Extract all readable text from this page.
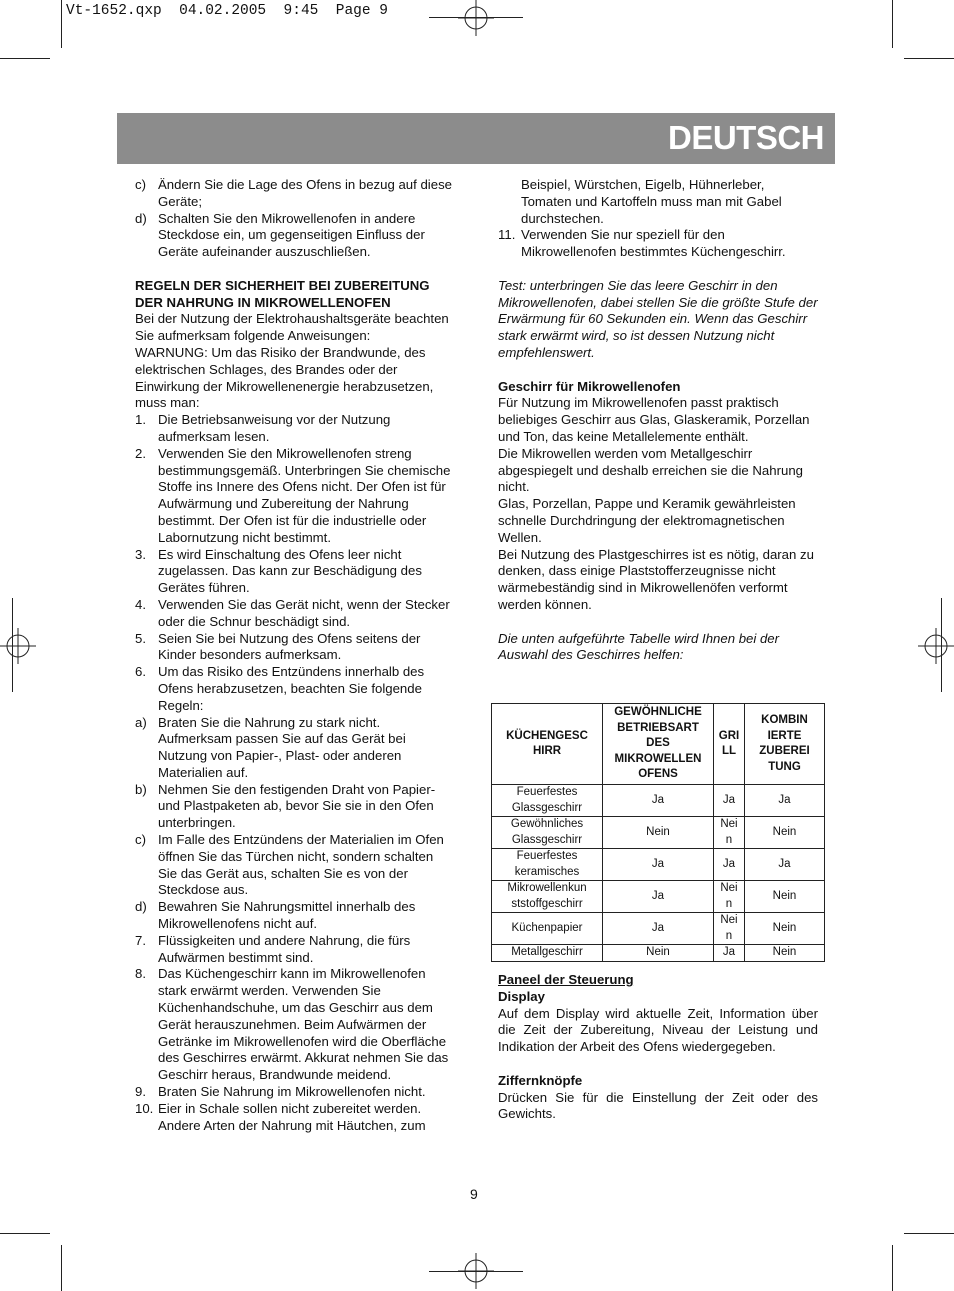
Vt-1652.qxp  04.02.2005  9:45  Page 9
DEUTSCH

c) Ändern Sie die Lage des Ofens in bezug auf diese Geräte;

d) Schalten Sie den Mikrowellenofen in andere Steckdose ein, um gegenseitigen Einfluss der Geräte aufeinander auszuschließen.

REGELN DER SICHERHEIT BEI ZUBEREITUNG DER NAHRUNG IN MIKROWELLENOFEN

Bei der Nutzung der Elektrohaushaltsgeräte beachten Sie aufmerksam folgende Anweisungen:

WARNUNG: Um das Risiko der Brandwunde, des elektrischen Schlages, des Brandes oder der Einwirkung der Mikrowellenenergie herabzusetzen, muss man:

1. Die Betriebsanweisung vor der Nutzung aufmerksam lesen.

2. Verwenden Sie den Mikrowellenofen streng bestimmungsgemäß. Unterbringen Sie chemische Stoffe ins Innere des Ofens nicht. Der Ofen ist für Aufwärmung und Zubereitung der Nahrung bestimmt. Der Ofen ist für die industrielle oder Labornutzung nicht bestimmt.

3. Es wird Einschaltung des Ofens leer nicht zugelassen. Das kann zur Beschädigung des Gerätes führen.

4. Verwenden Sie das Gerät nicht, wenn der Stecker oder die Schnur beschädigt sind.

5. Seien Sie bei Nutzung des Ofens seitens der Kinder besonders aufmerksam.

6. Um das Risiko des Entzündens innerhalb des Ofens herabzusetzen, beachten Sie folgende Regeln:

a) Braten Sie die Nahrung zu stark nicht. Aufmerksam passen Sie auf das Gerät bei Nutzung von Papier-, Plast- oder anderen Materialien auf.

b) Nehmen Sie den festigenden Draht von Papier- und Plastpaketen ab, bevor Sie sie in den Ofen unterbringen.

c) Im Falle des Entzündens der Materialien im Ofen öffnen Sie das Türchen nicht, sondern schalten Sie das Gerät aus, schalten Sie es von der Steckdose aus.

d) Bewahren Sie Nahrungsmittel innerhalb des Mikrowellenofens nicht auf.

7. Flüssigkeiten und andere Nahrung, die fürs Aufwärmen bestimmt sind.

8. Das Küchengeschirr kann im Mikrowellenofen stark erwärmt werden. Verwenden Sie Küchenhandschuhe, um das Geschirr aus dem Gerät herauszunehmen. Beim Aufwärmen der Getränke im Mikrowellenofen wird die Oberfläche des Geschirres erwärmt. Akkurat nehmen Sie das Geschirr heraus, Brandwunde meidend.

9. Braten Sie Nahrung im Mikrowellenofen nicht.

10. Eier in Schale sollen nicht zubereitet werden. Andere Arten der Nahrung mit Häutchen, zum

Beispiel, Würstchen, Eigelb, Hühnerleber, Tomaten und Kartoffeln muss man mit Gabel durchstechen.

11. Verwenden Sie nur speziell für den Mikrowellenofen bestimmtes Küchengeschirr.

Test: unterbringen Sie das leere Geschirr in den Mikrowellenofen, dabei stellen Sie die größte Stufe der Erwärmung für 60 Sekunden ein. Wenn das Geschirr stark erwärmt wird, so ist dessen Nutzung nicht empfehlenswert.

Geschirr für Mikrowellenofen

Für Nutzung im Mikrowellenofen passt praktisch beliebiges Geschirr aus Glas, Glaskeramik, Porzellan und Ton, das keine Metallelemente enthält.

Die Mikrowellen werden vom Metallgeschirr abgespiegelt und deshalb erreichen sie die Nahrung nicht.

Glas, Porzellan, Pappe und Keramik gewährleisten schnelle Durchdringung der elektromagnetischen Wellen.

Bei Nutzung des Plastgeschirres ist es nötig, daran zu denken, dass einige Plaststofferzeugnisse nicht wärmebeständig sind in Mikrowellenöfen verformt werden können.

Die unten aufgeführte Tabelle wird Ihnen bei der Auswahl des Geschirres helfen:

KÜCHENGESC HIRR	GEWÖHNLICHE BETRIEBSART DES MIKROWELLEN OFENS	GRI LL	KOMBIN IERTE ZUBEREI TUNG
Feuerfestes Glassgeschirr	Ja	Ja	Ja
Gewöhnliches Glassgeschirr	Nein	Nei n	Nein
Feuerfestes keramisches	Ja	Ja	Ja
Mikrowellenkun ststoffgeschirr	Ja	Nei n	Nein
Küchenpapier	Ja	Nei n	Nein
Metallgeschirr	Nein	Ja	Nein

Paneel der Steuerung

Display

Auf dem Display wird aktuelle Zeit, Information über die Zeit der Zubereitung, Niveau der Leistung und Indikation der Arbeit des Ofens wiedergegeben.

Ziffernknöpfe

Drücken Sie für die Einstellung der Zeit oder des Gewichts.

9
